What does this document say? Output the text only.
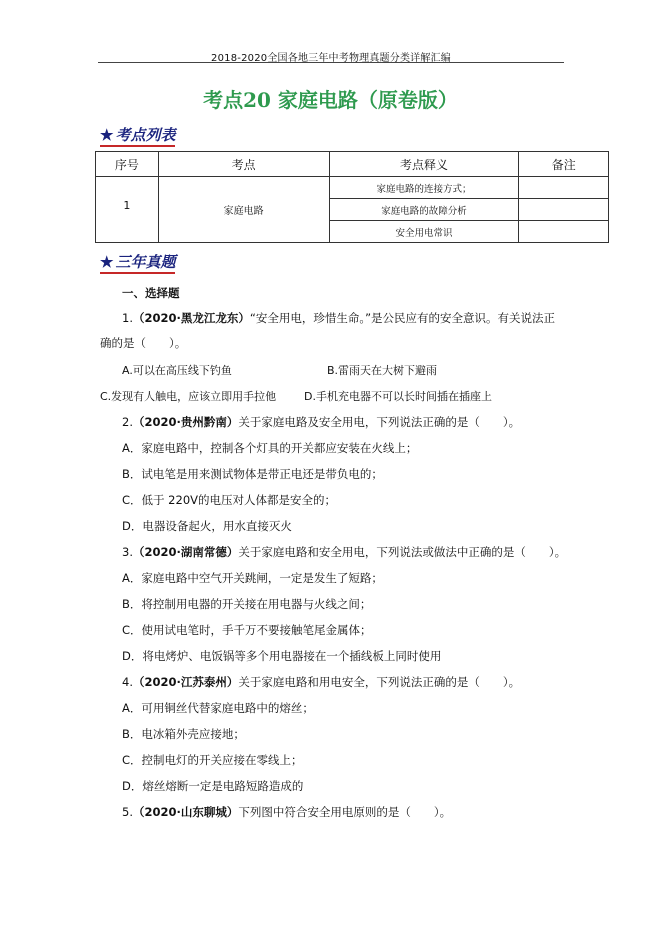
2018-2020全国各地三年中考物理真题分类详解汇编
考点20 家庭电路（原卷版）
★ 考点列表
序号	考点	考点释义	备注
1	家庭电路	家庭电路的连接方式；	
		家庭电路的故障分析	
		安全用电常识	
★ 三年真题
一、选择题
1.（2020·黑龙江龙东）“安全用电，珍惜生命。”是公民应有的安全意识。有关说法正
确的是（　　）。
A.可以在高压线下钓鱼	B.雷雨天在大树下避雨
C.发现有人触电，应该立即用手拉他	D.手机充电器不可以长时间插在插座上
2.（2020·贵州黔南）关于家庭电路及安全用电，下列说法正确的是（　　）。
A．家庭电路中，控制各个灯具的开关都应安装在火线上；
B．试电笔是用来测试物体是带正电还是带负电的；
C．低于 220V的电压对人体都是安全的；
D．电器设备起火，用水直接灭火
3.（2020·湖南常德）关于家庭电路和安全用电，下列说法或做法中正确的是（　　）。
A．家庭电路中空气开关跳闸，一定是发生了短路；
B．将控制用电器的开关接在用电器与火线之间；
C．使用试电笔时，手千万不要接触笔尾金属体；
D．将电烤炉、电饭锅等多个用电器接在一个插线板上同时使用
4.（2020·江苏泰州）关于家庭电路和用电安全，下列说法正确的是（　　）。
A．可用铜丝代替家庭电路中的熔丝；
B．电冰箱外壳应接地；
C．控制电灯的开关应接在零线上；
D．熔丝熔断一定是电路短路造成的
5.（2020·山东聊城）下列图中符合安全用电原则的是（　　）。
